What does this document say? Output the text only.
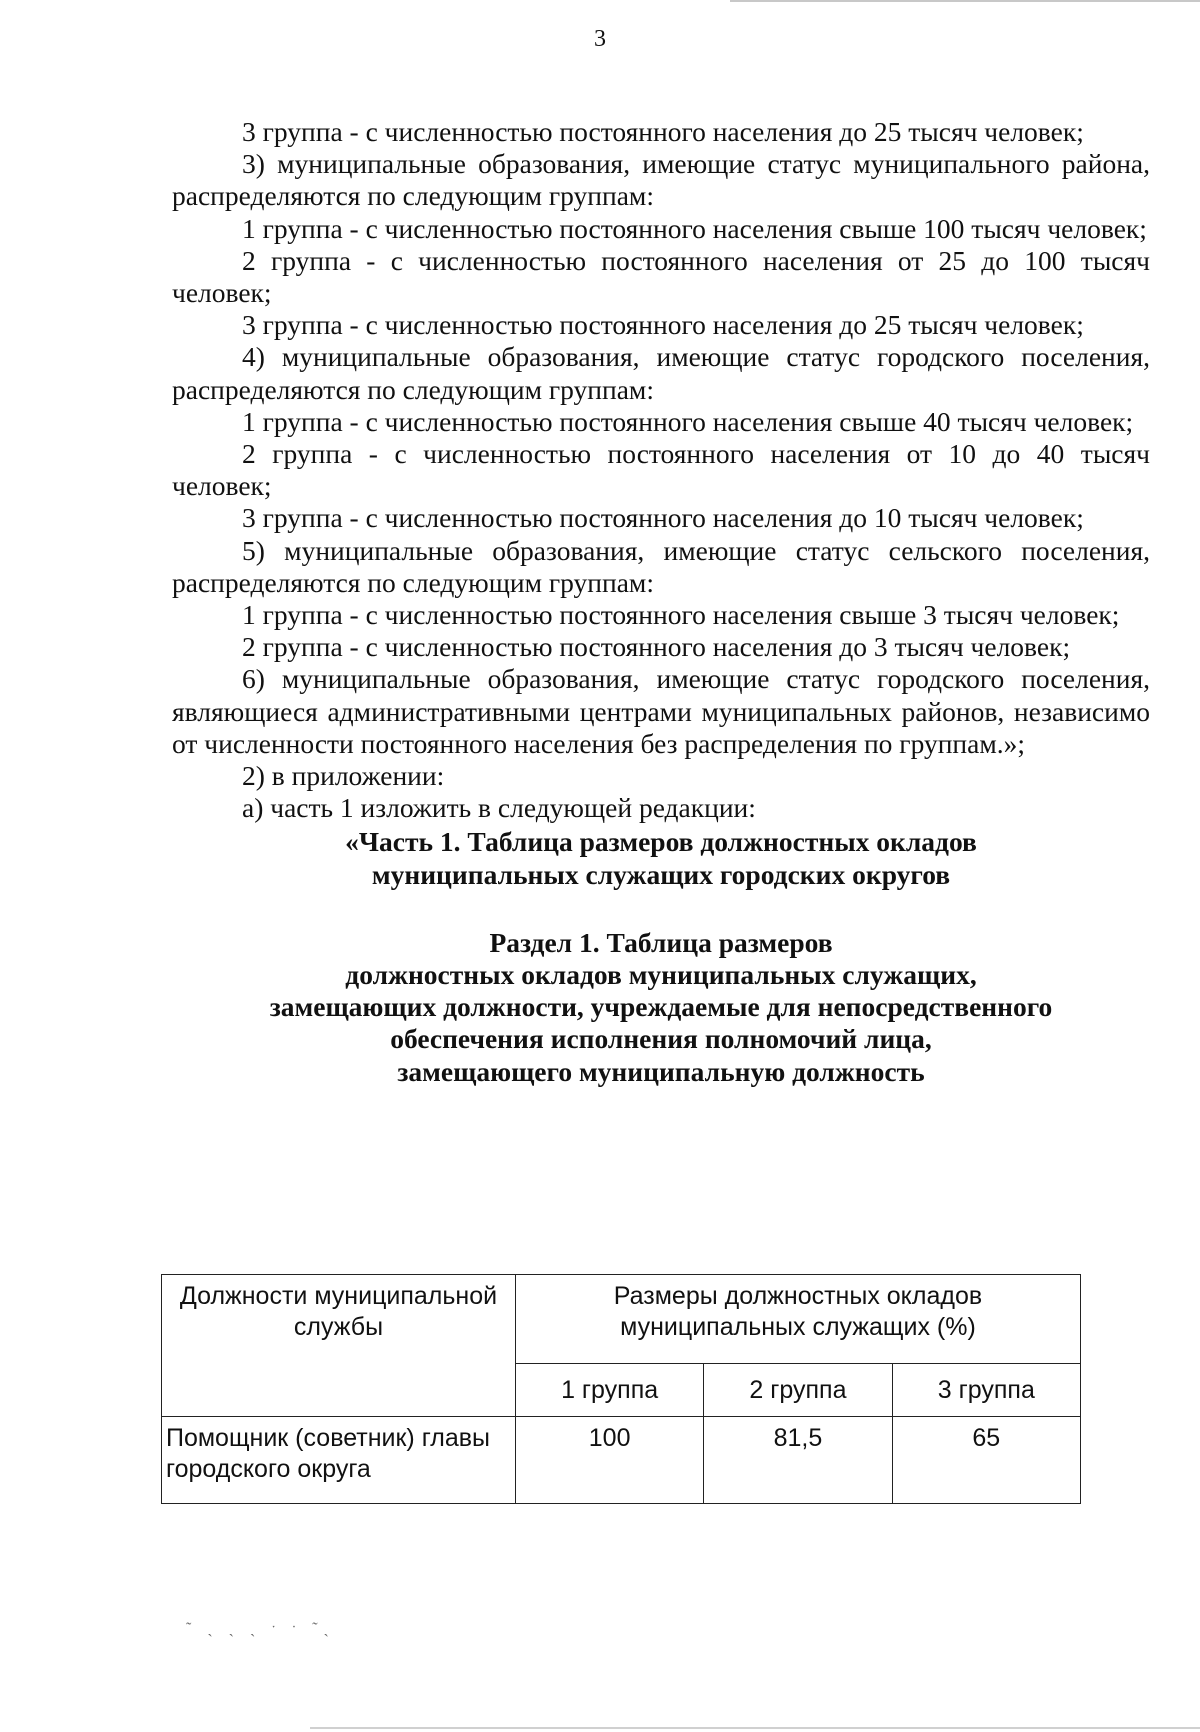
3

3 группа - с численностью постоянного населения до 25 тысяч человек;

3) муниципальные образования, имеющие статус муниципального района, распределяются по следующим группам:

1 группа - с численностью постоянного населения свыше 100 тысяч человек;

2 группа - с численностью постоянного населения от 25 до 100 тысяч человек;

3 группа - с численностью постоянного населения до 25 тысяч человек;

4) муниципальные образования, имеющие статус городского поселения, распределяются по следующим группам:

1 группа - с численностью постоянного населения свыше 40 тысяч человек;

2 группа - с численностью постоянного населения от 10 до 40 тысяч человек;

3 группа - с численностью постоянного населения до 10 тысяч человек;

5) муниципальные образования, имеющие статус сельского поселения, распределяются по следующим группам:

1 группа - с численностью постоянного населения свыше 3 тысяч человек;

2 группа - с численностью постоянного населения до 3 тысяч человек;

6) муниципальные образования, имеющие статус городского поселения, являющиеся административными центрами муниципальных районов, независимо от численности постоянного населения без распределения по группам.»;

2) в приложении:

а) часть 1 изложить в следующей редакции:

«Часть 1. Таблица размеров должностных окладов
муниципальных служащих городских округов
Раздел 1. Таблица размеров
должностных окладов муниципальных служащих,
замещающих должности, учреждаемые для непосредственного
обеспечения исполнения полномочий лица,
замещающего муниципальную должность
Должности муниципальной службы	Размеры должностных окладов муниципальных служащих (%)		
	1 группа	2 группа	3 группа
Помощник (советник) главы городского округа	100	81,5	65
˜ ˎ ˎ ˎ ˑ ˑ ˜ˎ
